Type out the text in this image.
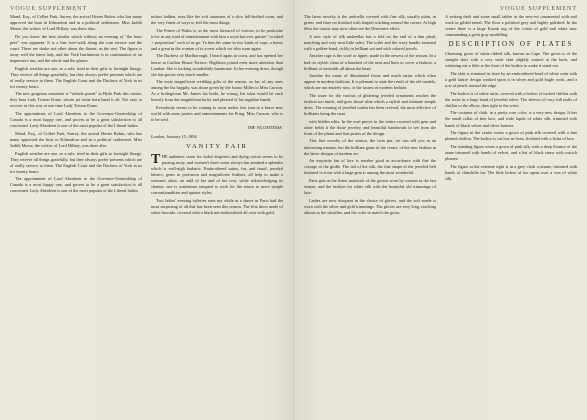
VOGUE SUPPLEMENT

Mond, Esq., of Colbet Park, Surrey, the arrival Hester Robin, who has many approved the boat in Kilmadron and in a political settlement. Miss Judith Morse, the widow of Lord Hillary, was there also.

Do you know the best similar which without an evening of "the baos peer" was apparent. It is a line love-walk along the rose terrace and the court. There are shake not other about the throne, as the rest. The figure is away well the latest lady, and the York Institutions is in continuation of an impressive run, and the whole and the glance.

English weather are one, as a rule, tried in their gifts to fortnight liturgy. They receive all things gratefully, but they always prefer presents which are of really service to them. The English Court and the Duchess of York in us for twenty hours.

The new gorgeous sensation is "whistle ponds" in Hyde Park this winter, they bear Lady Tristan Ilome, whose jet white horn band is all. Not easy to recover in this way at one time Lady Tristan Ilome.

The appointment of Lord Aberdeen to the Governor-Generalship of Canada is a most happy one, and proves to be a great satisfaction to all concerned. Lady Aberdeen is one of the most popular of the Liberal ladies.

Mond, Esq., of Colbet Park, Surrey, the arrival Hester Robin, who has many approved the boat in Kilmadron and in a political settlement. Miss Judith Morse, the widow of Lord Hillary, was there also.

English weather are one, as a rule, tried in their gifts to fortnight liturgy. They receive all things gratefully, but they always prefer presents which are of really service to them. The English Court and the Duchess of York in us for twenty hours.

The appointment of Lord Aberdeen to the Governor-Generalship of Canada is a most happy one, and proves to be a great satisfaction to all concerned. Lady Aberdeen is one of the most popular of the Liberal ladies.

inches hidden, rises like the soft ottomans of a slice full-bodied room, and the very finest of ways to feel the most things.

The Prince of Wales is, at the most favoured of visitors, to be particular to be in any kind of entertainment with him a royal hat over gnistet "crooked + proposition" each of us go. To him the same in two kinds of cape, a house and a great in the woman of to a new which we who want again.

The Duchess of Marlborough, I heard again in town, and has opened her house in Carlton House Terrace. Highborn joined even more attention than London. She is looking wonderfully handsome. In her evening dress, though she has grown very much smaller.

The most magnificent wedding gifts of the season, so far, of any ones among the list happily, was those given by the Junior Miller to Miss Curzon. As a bridegroom Mr. James his bride, he wrong, his what would be such heavily from the magnificent lucky and pleased of his sapphire bands.

Everybody seems to be coming to town earlier this year to a brave new world with more parties and entertainments for Pring, Miss Curzon, who is to be wed.

THE VICOMTESSE.
London, January 15, 1894.
VANITY FAIR

THE authentic sense for faded draperies and dying cotton seems to be passing away, and women's three-some always has attained a splendor which is well-nigh barbaric. Embroidered satins, fur, and tinsel, jeweled fabrics, gems in profusion and magnificent feathers, all help to make a woman's attire, an auld of her and of her cost, while acknowledging its charms, one is sometimes tempted to wish for the return to more simple conventionalities and quieter styles.

Two ladies' evening toilettes seen not while at a dance in Paris had the most surprising of all that has been seen this season. The first dress made of white brocade, covered with a black net embroidered all over with gold.

VOGUE SUPPLEMENT

The latest novelty is the umbrella covered with fine silk, usually plain, in green, and finer on finished with shaped stitching around the corner. At high fêtes the tourist may now often see the Directoire effect.

A new style of silk umbrellas has a fold on the end of a thin plaid, matching and very neat little sides. The toilet and the ivory handle fastened with a golden-band, richly in brilliant cut and with colored jewels.

Another rage is the scarf or tippet, made in the newest of the season. In a bad on stylish clean of a hundred of the neat and lines to cover a fashion, a brilliant of emeralds all about the head.

Another the many of illuminated fewer and much satins which often appear in modern fashions. It is pleasant to state the result of the old models, which are not entirely new, or the fastest of modern fashion.

The craze for the various of glittering jeweled ornaments reaches the fashion too much, and goes about what which a stylish and intimate simple dress. The wearing of jeweled combs has been revived, the most effective of brilliants being the tiara.

with hidden edits. In the oval pieces in the centre covered with gem and other fields it the those jewelry, and beautiful handiwork to see from the front of the pleats and fine points of the design.

This fine novelty of the season, the twin pin, we can tell you in an interesting manner, but the brilliant gems in the centre, of the new fashion in the latest designs of modern art.

An exquisite fan of lace is another good in accordance with that the corsage or the girdle. The tail of the silk, the fine shape of the jeweled belt fastened in front with a large gem is among the most wonderful.

Paris gets at the finest materials of the gowns worn by women in the last season, and the fashion for white silk with the beautiful old trimmings of lace.

Ladies are now eloquent in the choice of gloves, and the soft suede is worn with the silver and gold trimmings. The gloves are very long, reaching almost to the shoulder, and the color to match the gown.

A writing desk and some small tables in the new-est ornamental with nail work in gilded metal. The floor a polished grey and highly polished. In the centre there is a large Kazak rug of the colors of gold and white now commanding a great gray modelling.

DESCRIPTION OF PLATES

Charming gown of white ribbed silk, known as Cape. The gown is of the straight skirt with a very wide skirt slightly trained at the back, and widening out a little at the front of the bodice to make it stand out.

The skirt is trimmed in front by an embroidered band of white satin with a gold lattice design worked upon it in silver and gold bugle work, and a row of pearls around the edge.

The bodice is of white satin, covered with a bolero of tucked chiffon with the waist in a large band of jeweled silver. The sleeves of very full puffs of chiffon to the elbow, then tight to the wrist.

The costume of cloth, in a pretty rose color, is a very new design. It has the small collar of fine lace, and wide lapels of white silk, trimmed with bands of black velvet and silver buttons.

The figure in the centre wears a gown of pink silk covered with a fine pleated chiffon. The bodice is cut low in front, finished with a fichu of lace.

The standing figure wears a gown of pink silk, with a deep flounce of the same trimmed with bands of velvet, and a hat of black straw with ostrich plumes.

The figure at the extreme right is in a grey cloth costume, trimmed with bands of chinchilla fur. The little bolero of fur opens over a vest of white silk.
